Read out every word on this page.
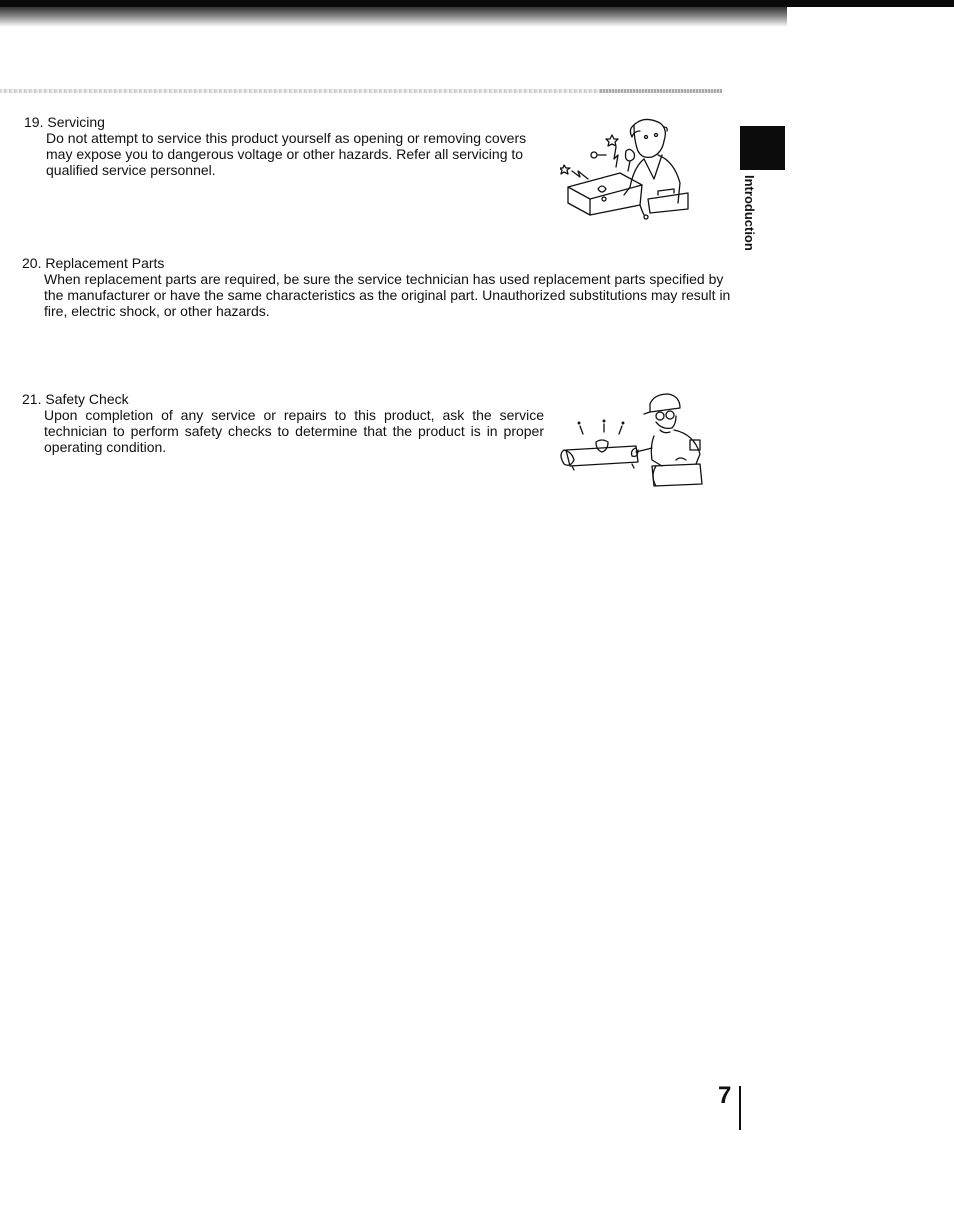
19. Servicing
Do not attempt to service this product yourself as opening or removing covers may expose you to dangerous voltage or other hazards. Refer all servicing to qualified service personnel.
20. Replacement Parts
When replacement parts are required, be sure the service technician has used replacement parts specified by the manufacturer or have the same characteristics as the original part. Unauthorized substitutions may result in fire, electric shock, or other hazards.
21. Safety Check
Upon completion of any service or repairs to this product, ask the service technician to perform safety checks to determine that the product is in proper operating condition.
Introduction
7
